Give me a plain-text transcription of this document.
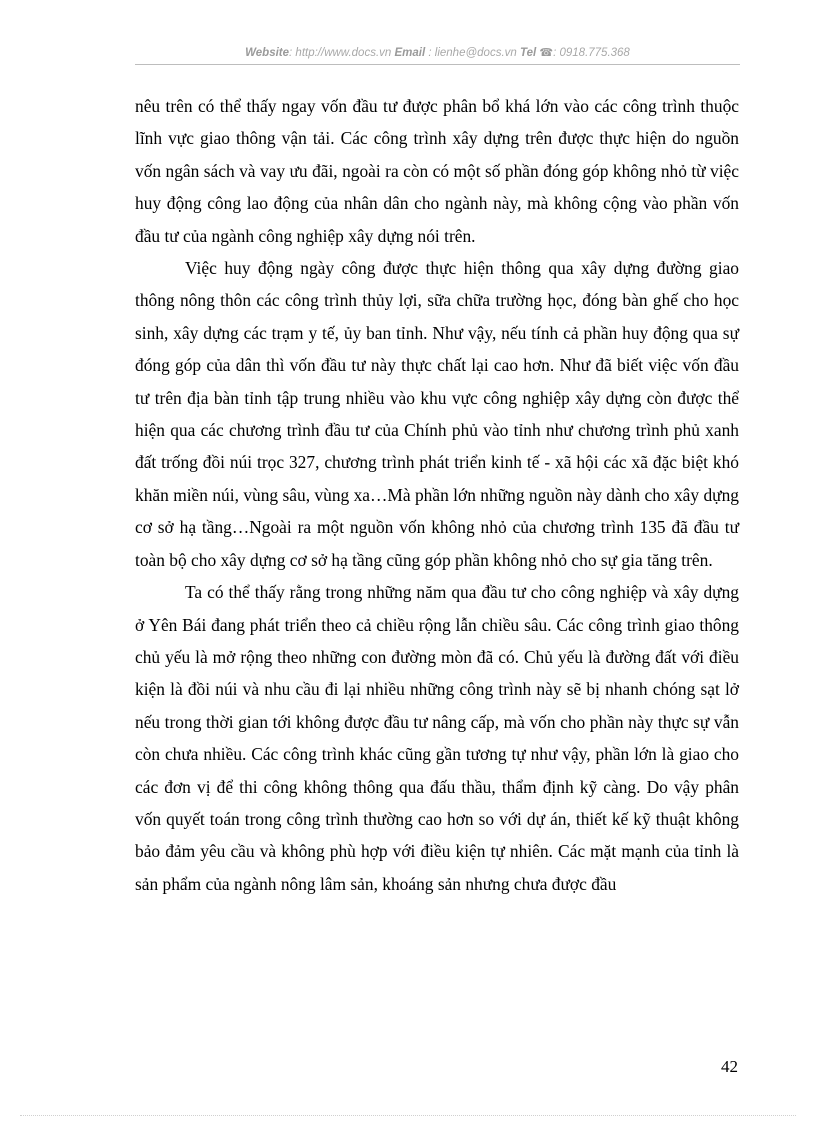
Website: http://www.docs.vn Email : lienhe@docs.vn Tel ☎: 0918.775.368

nêu trên có thể thấy ngay vốn đầu tư được phân bổ khá lớn vào các công trình thuộc lĩnh vực giao thông vận tải. Các công trình xây dựng trên được thực hiện do nguồn vốn ngân sách và vay ưu đãi, ngoài ra còn có một số phần đóng góp không nhỏ từ việc huy động công lao động của nhân dân cho ngành này, mà không cộng vào phần vốn đầu tư của ngành công nghiệp xây dựng nói trên.

Việc huy động ngày công được thực hiện thông qua xây dựng đường giao thông nông thôn các công trình thủy lợi, sữa chữa trường học, đóng bàn ghế cho học sinh, xây dựng các trạm y tế, ủy ban tỉnh. Như vậy, nếu tính cả phần huy động qua sự đóng góp của dân thì vốn đầu tư này thực chất lại cao hơn. Như đã biết việc vốn đầu tư trên địa bàn tỉnh tập trung nhiều vào khu vực công nghiệp xây dựng còn được thể hiện qua các chương trình đầu tư của Chính phủ vào tỉnh như chương trình phủ xanh đất trống đồi núi trọc 327, chương trình phát triển kinh tế - xã hội các xã đặc biệt khó khăn miền núi, vùng sâu, vùng xa…Mà phần lớn những nguồn này dành cho xây dựng cơ sở hạ tầng…Ngoài ra một nguồn vốn không nhỏ của chương trình 135 đã đầu tư toàn bộ cho xây dựng cơ sở hạ tầng cũng góp phần không nhỏ cho sự gia tăng trên.

Ta có thể thấy rằng trong những năm qua đầu tư cho công nghiệp và xây dựng ở Yên Bái đang phát triển theo cả chiều rộng lẫn chiều sâu. Các công trình giao thông chủ yếu là mở rộng theo những con đường mòn đã có. Chủ yếu là đường đất với điều kiện là đồi núi và nhu cầu đi lại nhiều những công trình này sẽ bị nhanh chóng sạt lở nếu trong thời gian tới không được đầu tư nâng cấp, mà vốn cho phần này thực sự vẫn còn chưa nhiều. Các công trình khác cũng gần tương tự như vậy, phần lớn là giao cho các đơn vị để thi công không thông qua đấu thầu, thẩm định kỹ càng. Do vậy phân vốn quyết toán trong công trình thường cao hơn so với dự án, thiết kế kỹ thuật không bảo đảm yêu cầu và không phù hợp với điều kiện tự nhiên. Các mặt mạnh của tỉnh là sản phẩm của ngành nông lâm sản, khoáng sản nhưng chưa được đầu

42
